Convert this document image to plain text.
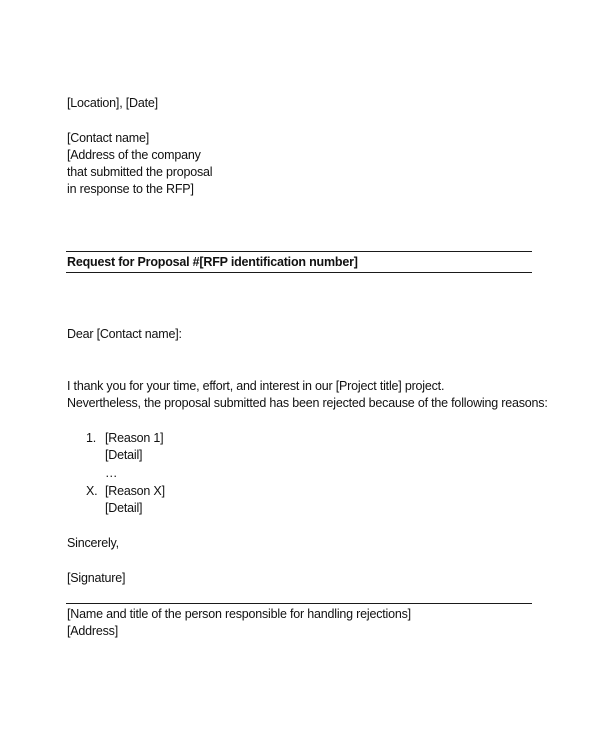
[Location], [Date]
[Contact name]
[Address of the company
that submitted the proposal
in response to the RFP]
Request for Proposal #[RFP identification number]
Dear [Contact name]:
I thank you for your time, effort, and interest in our [Project title] project.
Nevertheless, the proposal submitted has been rejected because of the following reasons:
1. [Reason 1]
[Detail]
…
X. [Reason X]
[Detail]
Sincerely,
[Signature]
[Name and title of the person responsible for handling rejections]
[Address]
